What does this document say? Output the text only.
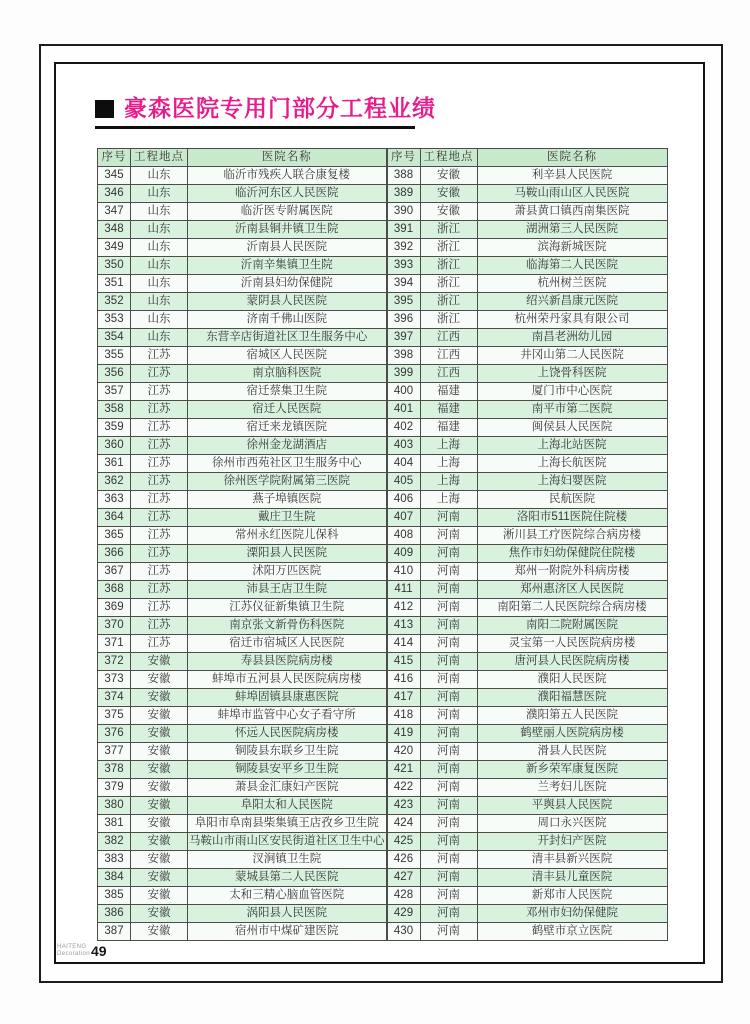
豪森医院专用门部分工程业绩
序号	工程地点	医院名称
345	山东	临沂市残疾人联合康复楼
346	山东	临沂河东区人民医院
347	山东	临沂医专附属医院
348	山东	沂南县铜井镇卫生院
349	山东	沂南县人民医院
350	山东	沂南辛集镇卫生院
351	山东	沂南县妇幼保健院
352	山东	蒙阴县人民医院
353	山东	济南千佛山医院
354	山东	东营辛店街道社区卫生服务中心
355	江苏	宿城区人民医院
356	江苏	南京脑科医院
357	江苏	宿迁蔡集卫生院
358	江苏	宿迁人民医院
359	江苏	宿迁来龙镇医院
360	江苏	徐州金龙湖酒店
361	江苏	徐州市西苑社区卫生服务中心
362	江苏	徐州医学院附属第三医院
363	江苏	燕子埠镇医院
364	江苏	戴庄卫生院
365	江苏	常州永红医院儿保科
366	江苏	溧阳县人民医院
367	江苏	沭阳万匹医院
368	江苏	沛县王店卫生院
369	江苏	江苏仪征新集镇卫生院
370	江苏	南京张文新骨伤科医院
371	江苏	宿迁市宿城区人民医院
372	安徽	寿县县医院病房楼
373	安徽	蚌埠市五河县人民医院病房楼
374	安徽	蚌埠固镇县康惠医院
375	安徽	蚌埠市监管中心女子看守所
376	安徽	怀远人民医院病房楼
377	安徽	铜陵县东联乡卫生院
378	安徽	铜陵县安平乡卫生院
379	安徽	萧县金汇康妇产医院
380	安徽	阜阳太和人民医院
381	安徽	阜阳市阜南县柴集镇王店孜乡卫生院
382	安徽	马鞍山市雨山区安民街道社区卫生中心
383	安徽	汊涧镇卫生院
384	安徽	蒙城县第二人民医院
385	安徽	太和三精心脑血管医院
386	安徽	涡阳县人民医院
387	安徽	宿州市中煤矿建医院
序号	工程地点	医院名称
388	安徽	利辛县人民医院
389	安徽	马鞍山雨山区人民医院
390	安徽	萧县黄口镇西南集医院
391	浙江	湖洲第三人民医院
392	浙江	滨海新城医院
393	浙江	临海第二人民医院
394	浙江	杭州树兰医院
395	浙江	绍兴新昌康元医院
396	浙江	杭州荣丹家具有限公司
397	江西	南昌老洲幼儿园
398	江西	井冈山第二人民医院
399	江西	上饶骨科医院
400	福建	厦门市中心医院
401	福建	南平市第二医院
402	福建	闽侯县人民医院
403	上海	上海北站医院
404	上海	上海长航医院
405	上海	上海妇婴医院
406	上海	民航医院
407	河南	洛阳市511医院住院楼
408	河南	淅川县工疗医院综合病房楼
409	河南	焦作市妇幼保健院住院楼
410	河南	郑州一附院外科病房楼
411	河南	郑州惠济区人民医院
412	河南	南阳第二人民医院综合病房楼
413	河南	南阳二院附属医院
414	河南	灵宝第一人民医院病房楼
415	河南	唐河县人民医院病房楼
416	河南	濮阳人民医院
417	河南	濮阳福慧医院
418	河南	濮阳第五人民医院
419	河南	鹤壁丽人医院病房楼
420	河南	滑县人民医院
421	河南	新乡荣军康复医院
422	河南	兰考妇儿医院
423	河南	平舆县人民医院
424	河南	周口永兴医院
425	河南	开封妇产医院
426	河南	清丰县新兴医院
427	河南	清丰县儿童医院
428	河南	新郑市人民医院
429	河南	邓州市妇幼保健院
430	河南	鹤壁市京立医院
HAITENG
Decoration 49
